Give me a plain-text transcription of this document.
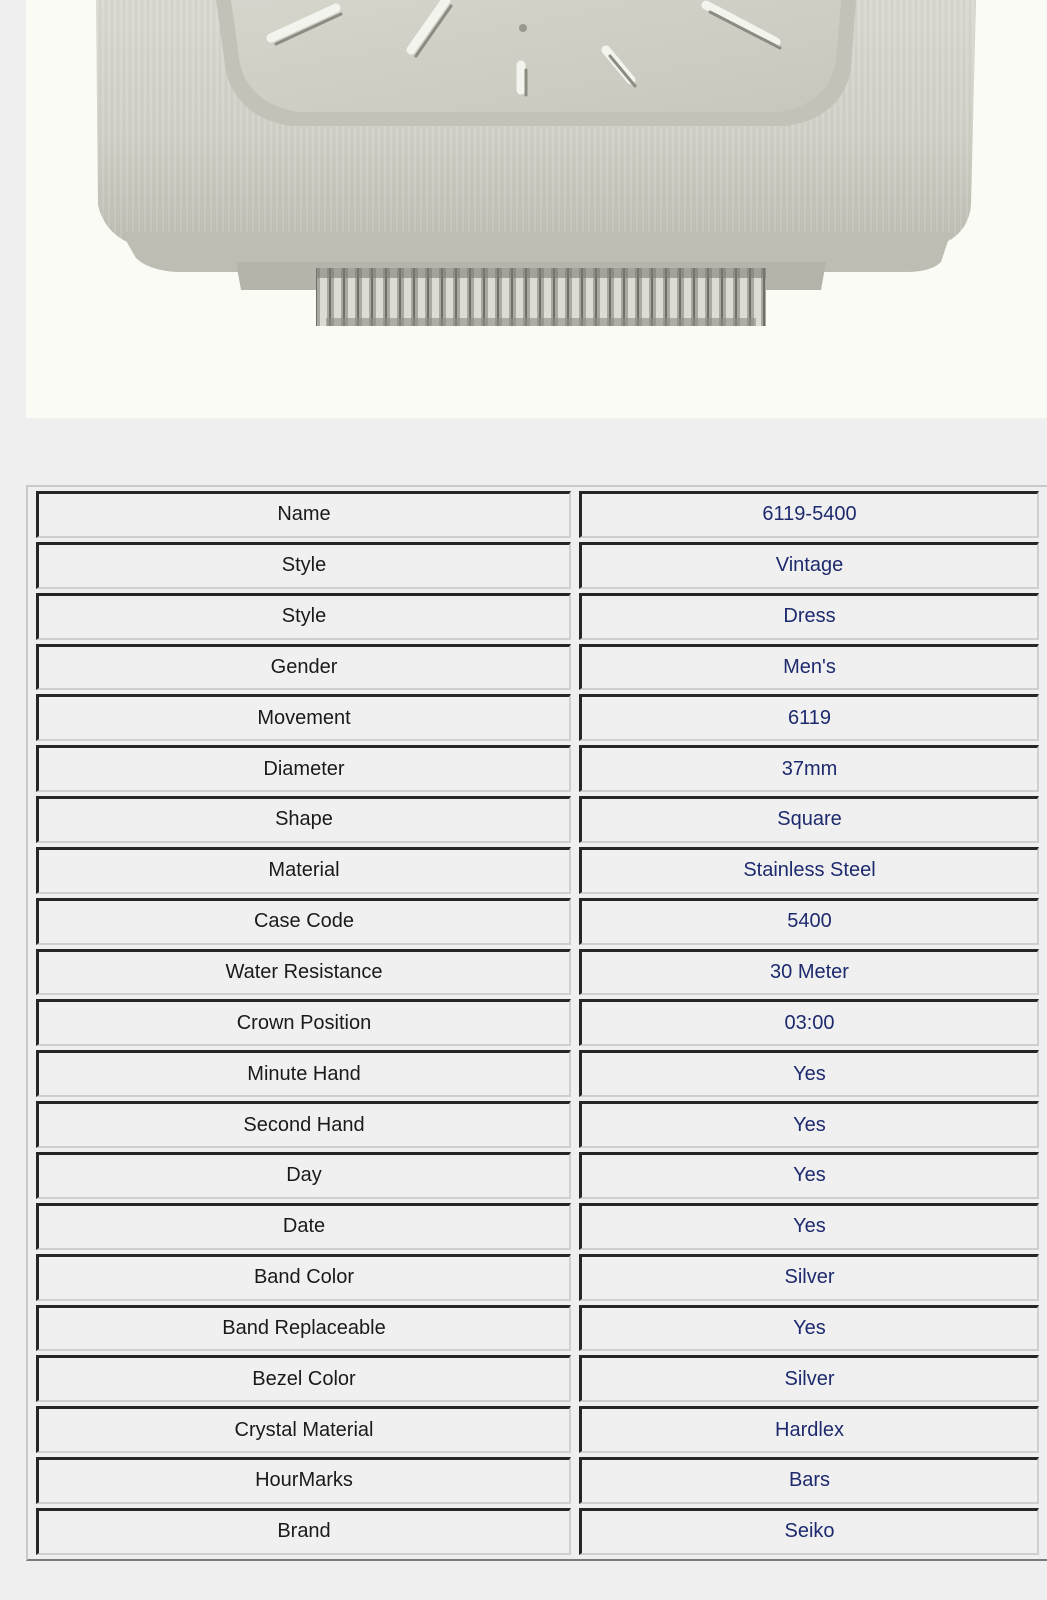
Name	6119-5400
Style	Vintage
Style	Dress
Gender	Men's
Movement	6119
Diameter	37mm
Shape	Square
Material	Stainless Steel
Case Code	5400
Water Resistance	30 Meter
Crown Position	03:00
Minute Hand	Yes
Second Hand	Yes
Day	Yes
Date	Yes
Band Color	Silver
Band Replaceable	Yes
Bezel Color	Silver
Crystal Material	Hardlex
HourMarks	Bars
Brand	Seiko
